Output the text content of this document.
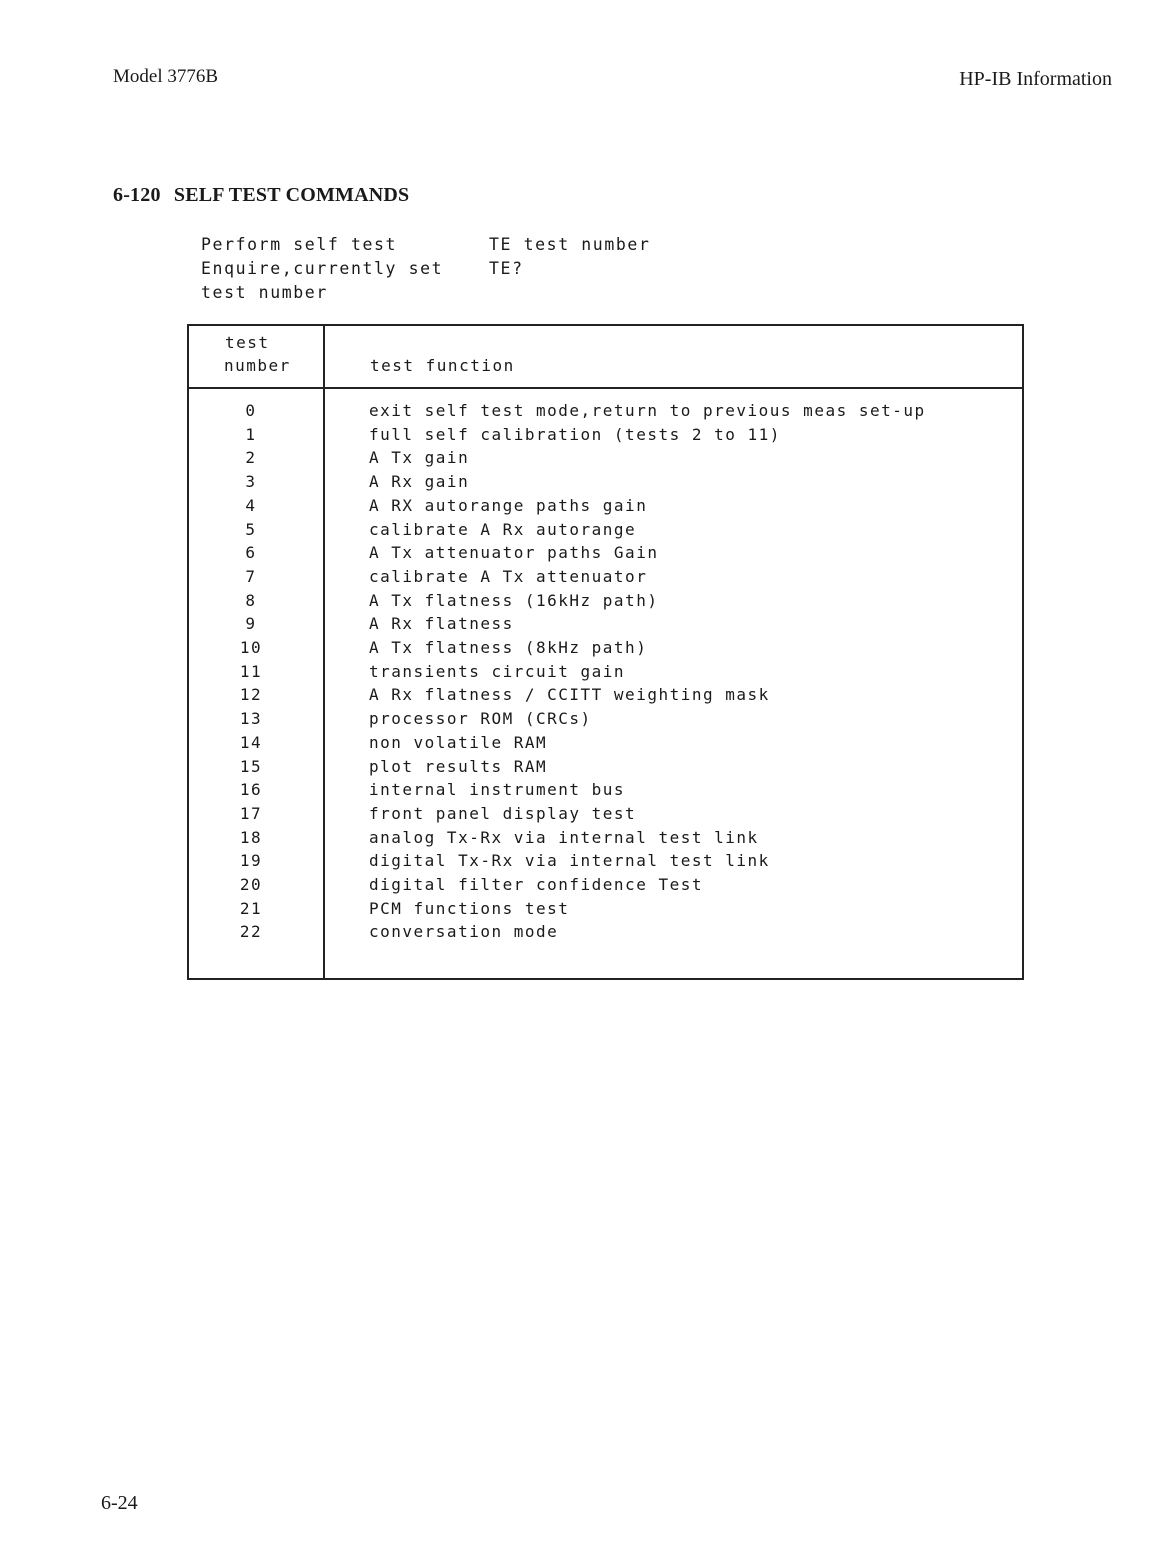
Model 3776B	HP-IB Information
6-120 SELF TEST COMMANDS
Perform self test	TE test number
Enquire,currently set	TE?
test number
test
number	test function
0	exit self test mode,return to previous meas set-up
1	full self calibration (tests 2 to 11)
2	A Tx gain
3	A Rx gain
4	A RX autorange paths gain
5	calibrate A Rx autorange
6	A Tx attenuator paths Gain
7	calibrate A Tx attenuator
8	A Tx flatness (16kHz path)
9	A Rx flatness
10	A Tx flatness (8kHz path)
11	transients circuit gain
12	A Rx flatness / CCITT weighting mask
13	processor ROM (CRCs)
14	non volatile RAM
15	plot results RAM
16	internal instrument bus
17	front panel display test
18	analog Tx-Rx via internal test link
19	digital Tx-Rx via internal test link
20	digital filter confidence Test
21	PCM functions test
22	conversation mode
6-24
